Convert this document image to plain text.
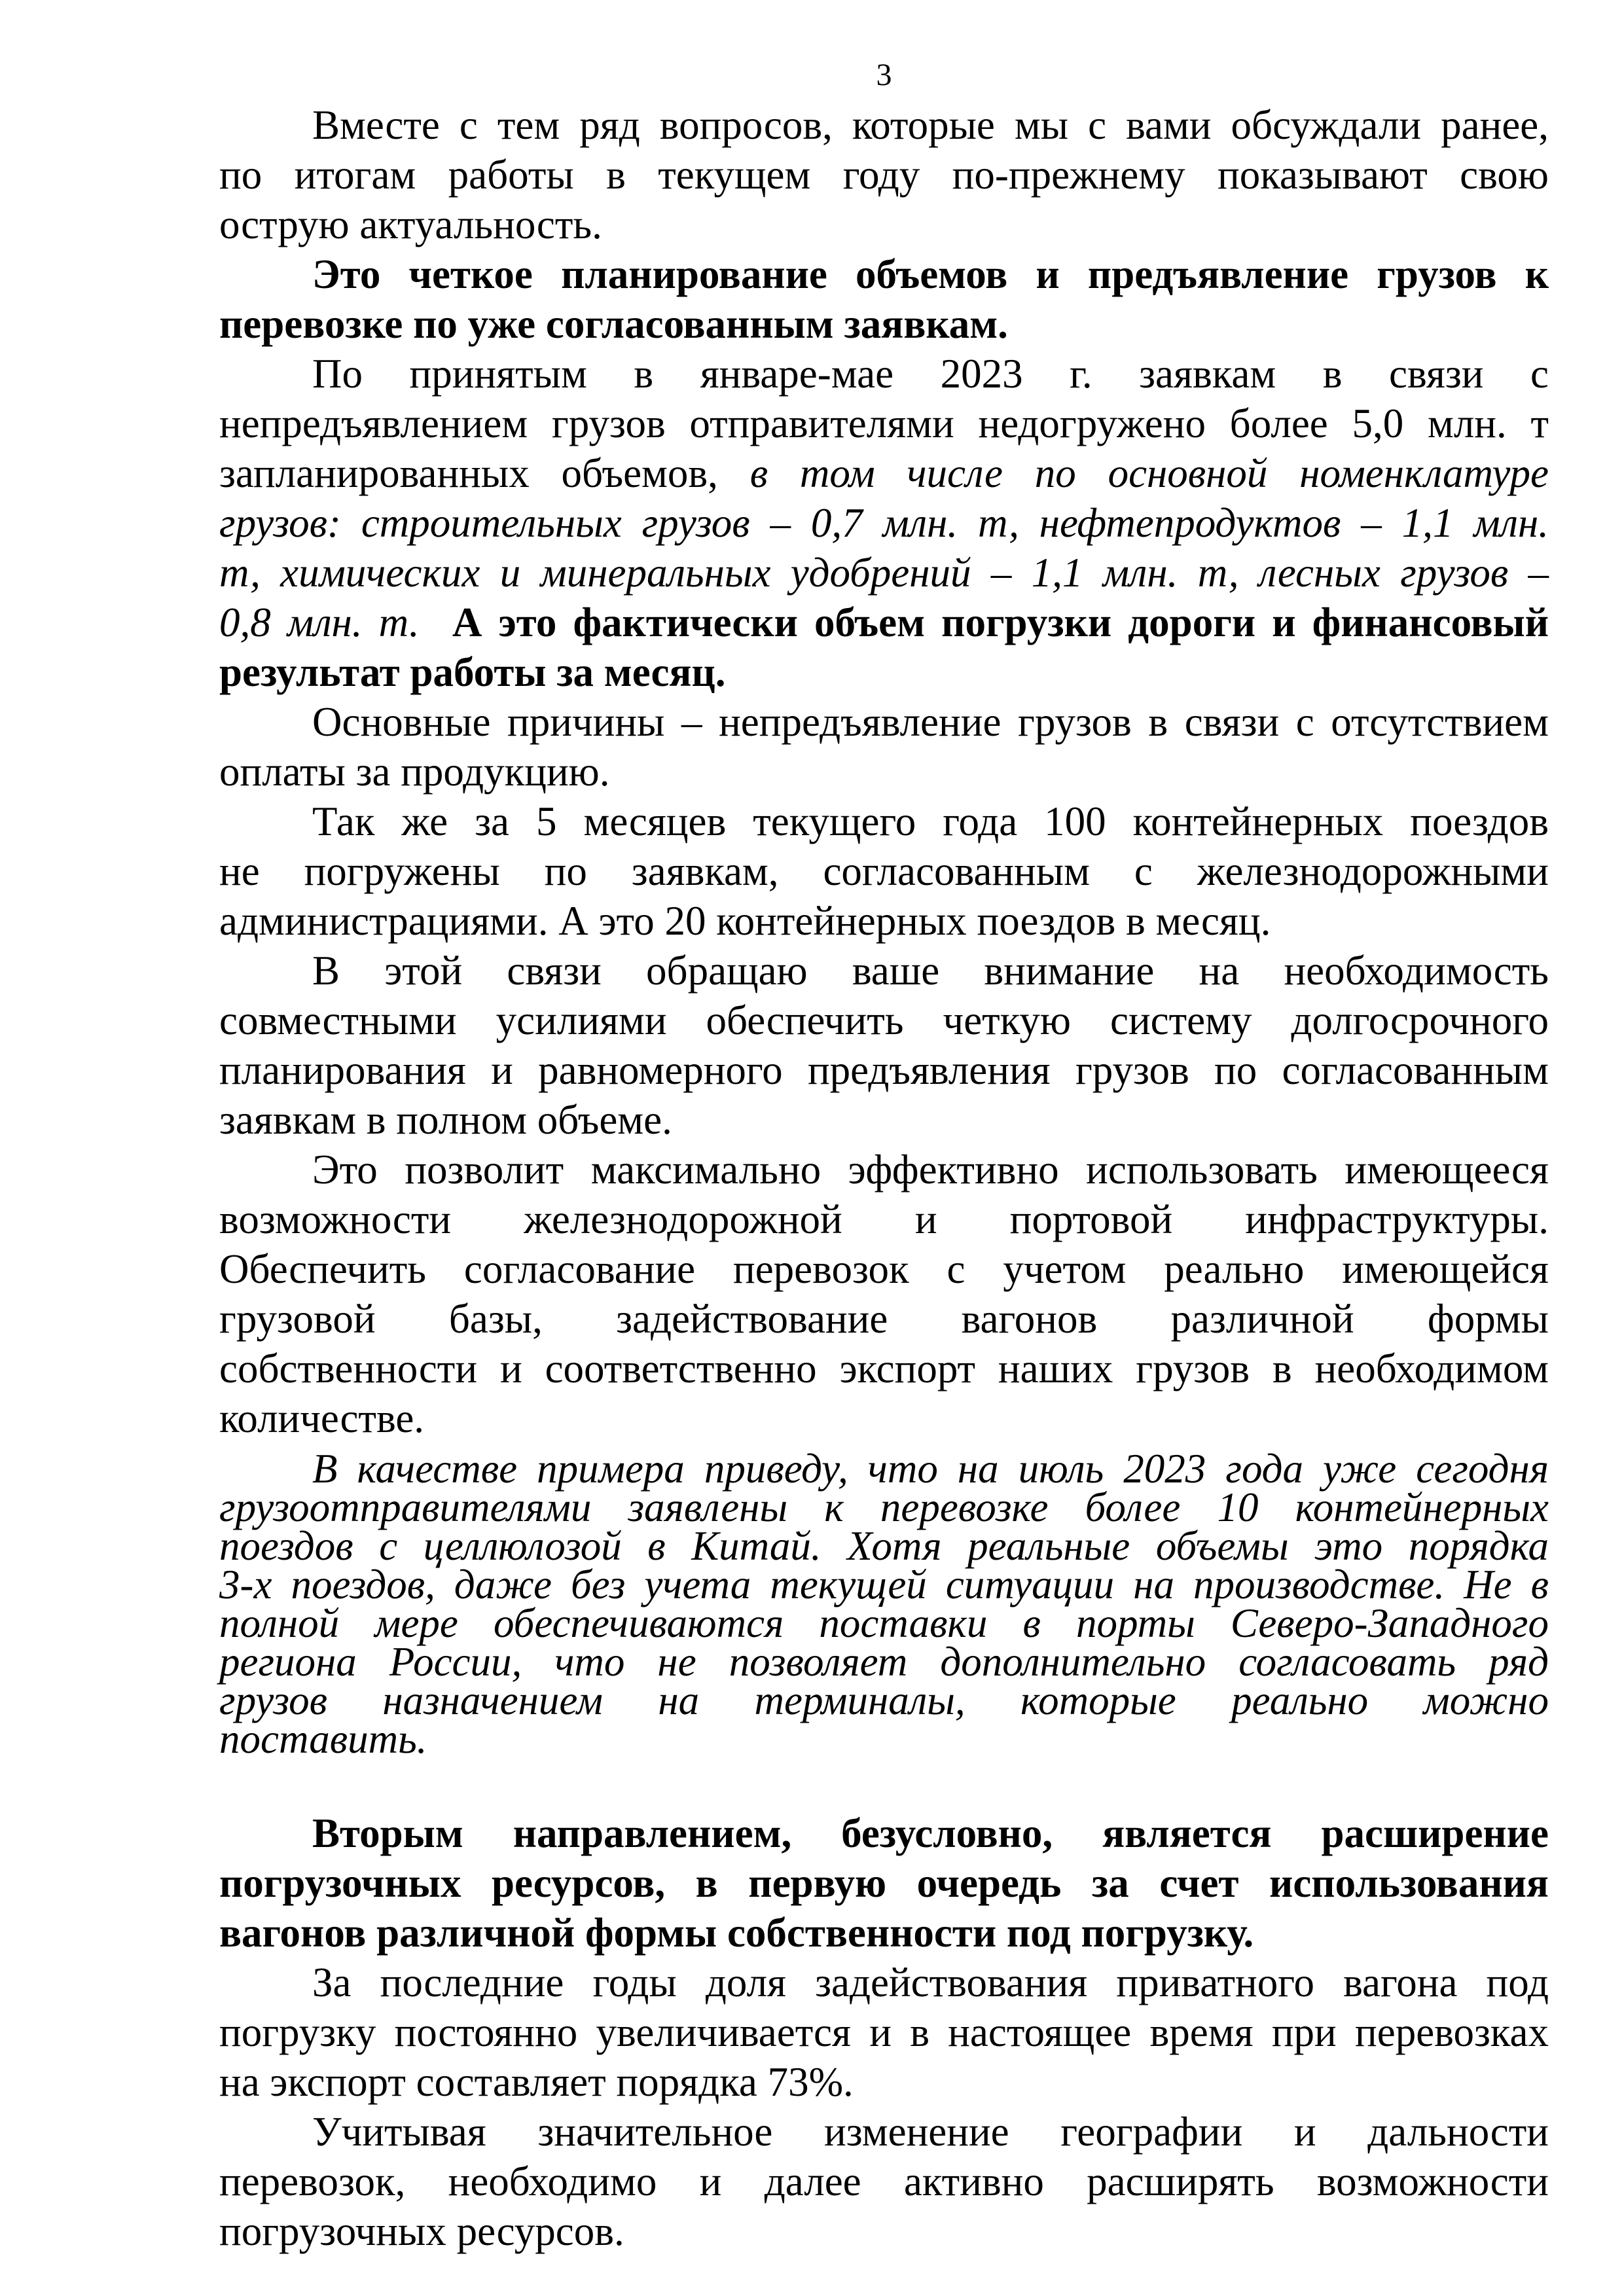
3
Вместе с тем ряд вопросов, которые мы с вами обсуждали ранее,
по итогам работы в текущем году по-прежнему показывают свою
острую актуальность.
Это четкое планирование объемов и предъявление грузов к
перевозке по уже согласованным заявкам.
По принятым в январе-мае 2023 г. заявкам в связи с
непредъявлением грузов отправителями недогружено более 5,0 млн. т
запланированных объемов, в том числе по основной номенклатуре
грузов: строительных грузов – 0,7 млн. т, нефтепродуктов – 1,1 млн.
т, химических и минеральных удобрений – 1,1 млн. т, лесных грузов –
0,8 млн. т. А это фактически объем погрузки дороги и финансовый
результат работы за месяц.
Основные причины – непредъявление грузов в связи с отсутствием
оплаты за продукцию.
Так же за 5 месяцев текущего года 100 контейнерных поездов
не погружены по заявкам, согласованным с железнодорожными
администрациями. А это 20 контейнерных поездов в месяц.
В этой связи обращаю ваше внимание на необходимость
совместными усилиями обеспечить четкую систему долгосрочного
планирования и равномерного предъявления грузов по согласованным
заявкам в полном объеме.
Это позволит максимально эффективно использовать имеющееся
возможности железнодорожной и портовой инфраструктуры.
Обеспечить согласование перевозок с учетом реально имеющейся
грузовой базы, задействование вагонов различной формы
собственности и соответственно экспорт наших грузов в необходимом
количестве.
В качестве примера приведу, что на июль 2023 года уже сегодня
грузоотправителями заявлены к перевозке более 10 контейнерных
поездов с целлюлозой в Китай. Хотя реальные объемы это порядка
3-х поездов, даже без учета текущей ситуации на производстве. Не в
полной мере обеспечиваются поставки в порты Северо-Западного
региона России, что не позволяет дополнительно согласовать ряд
грузов назначением на терминалы, которые реально можно
поставить.
Вторым направлением, безусловно, является расширение
погрузочных ресурсов, в первую очередь за счет использования
вагонов различной формы собственности под погрузку.
За последние годы доля задействования приватного вагона под
погрузку постоянно увеличивается и в настоящее время при перевозках
на экспорт составляет порядка 73%.
Учитывая значительное изменение географии и дальности
перевозок, необходимо и далее активно расширять возможности
погрузочных ресурсов.
